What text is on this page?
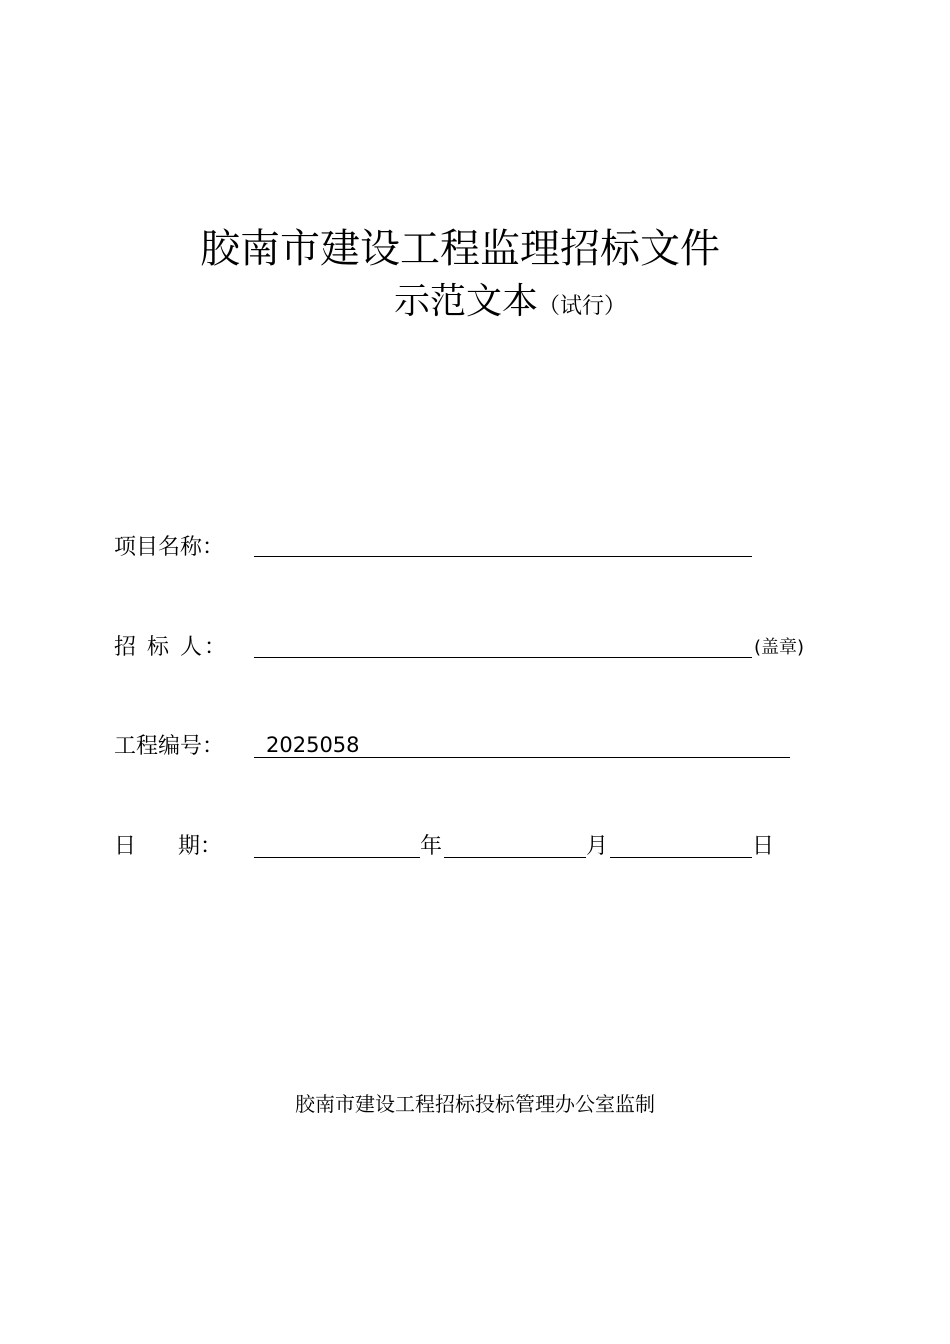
胶南市建设工程监理招标文件
示范文本（试行）
项目名称：
招 标 人：	(盖章)
工程编号： 2025058
日      期：	年	月	日
胶南市建设工程招标投标管理办公室监制
